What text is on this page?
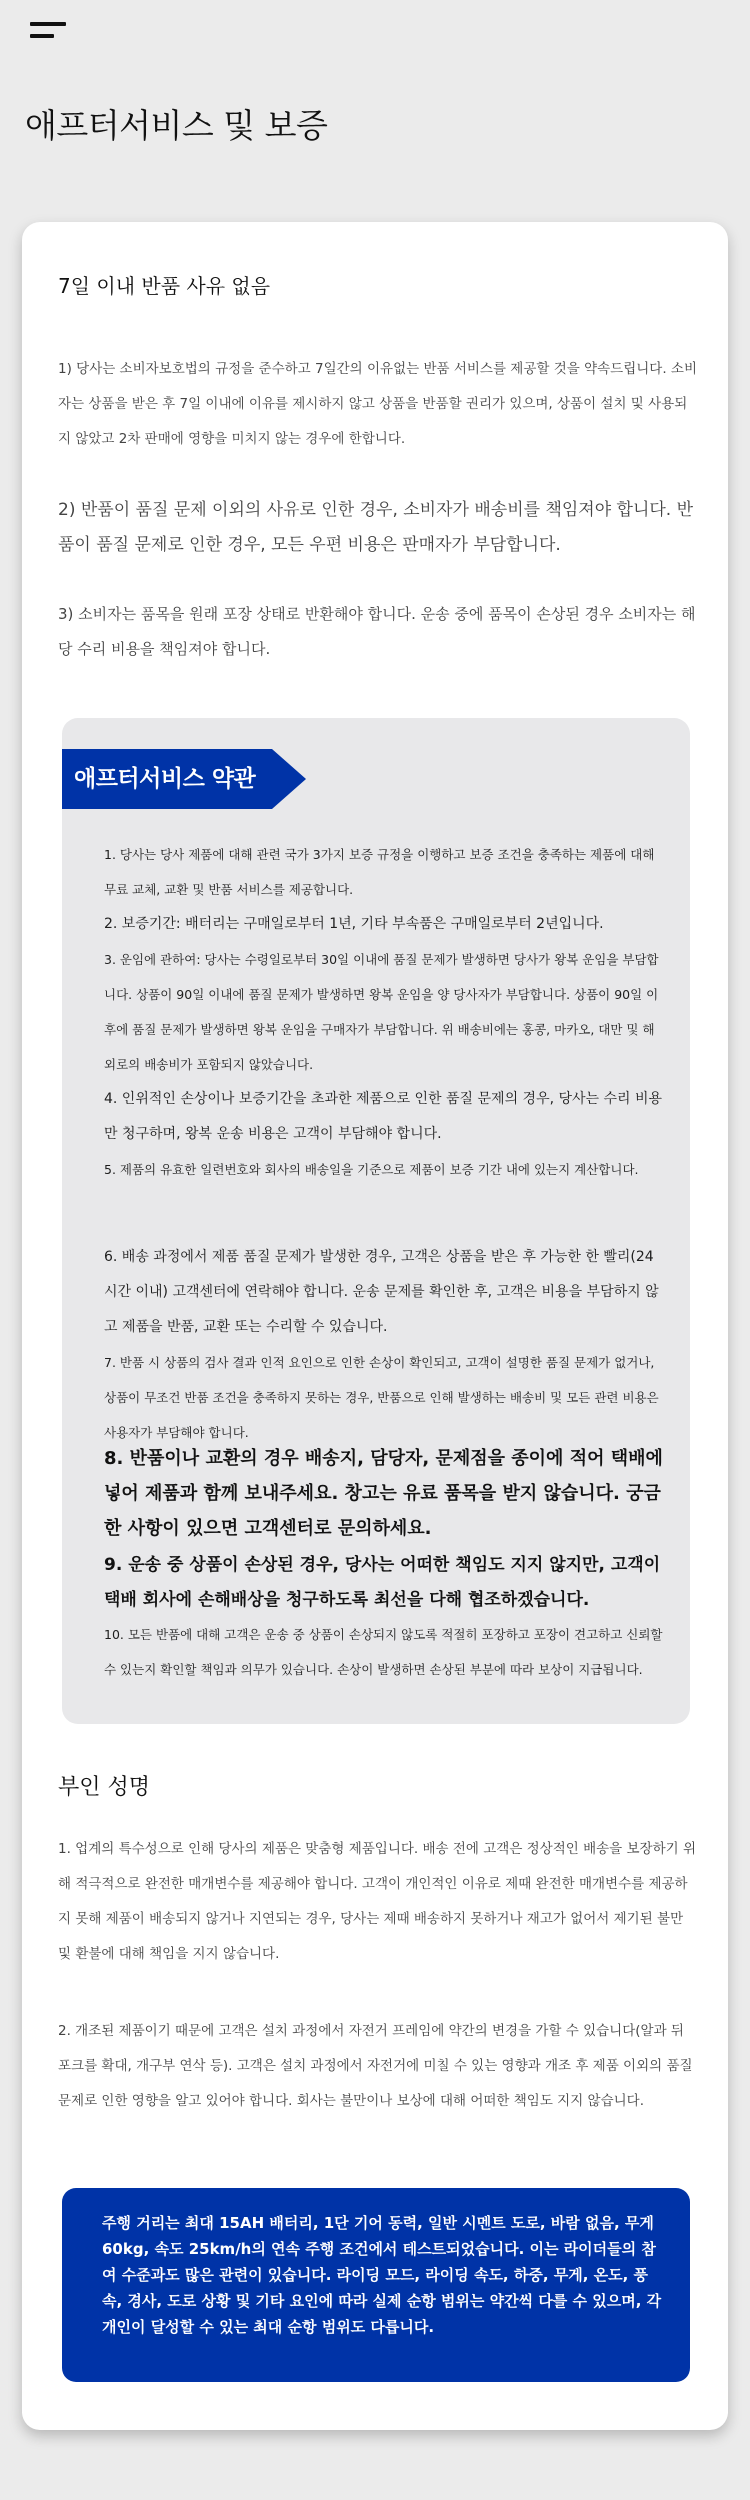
애프터서비스 및 보증
7일 이내 반품 사유 없음

1) 당사는 소비자보호법의 규정을 준수하고 7일간의 이유없는 반품 서비스를 제공할 것을 약속드립니다. 소비자는 상품을 받은 후 7일 이내에 이유를 제시하지 않고 상품을 반품할 권리가 있으며, 상품이 설치 및 사용되지 않았고 2차 판매에 영향을 미치지 않는 경우에 한합니다.

2) 반품이 품질 문제 이외의 사유로 인한 경우, 소비자가 배송비를 책임져야 합니다. 반품이 품질 문제로 인한 경우, 모든 우편 비용은 판매자가 부담합니다.

3) 소비자는 품목을 원래 포장 상태로 반환해야 합니다. 운송 중에 품목이 손상된 경우 소비자는 해당 수리 비용을 책임져야 합니다.

애프터서비스 약관

1. 당사는 당사 제품에 대해 관련 국가 3가지 보증 규정을 이행하고 보증 조건을 충족하는 제품에 대해 무료 교체, 교환 및 반품 서비스를 제공합니다.

2. 보증기간: 배터리는 구매일로부터 1년, 기타 부속품은 구매일로부터 2년입니다.

3. 운임에 관하여: 당사는 수령일로부터 30일 이내에 품질 문제가 발생하면 당사가 왕복 운임을 부담합니다. 상품이 90일 이내에 품질 문제가 발생하면 왕복 운임을 양 당사자가 부담합니다. 상품이 90일 이후에 품질 문제가 발생하면 왕복 운임을 구매자가 부담합니다. 위 배송비에는 홍콩, 마카오, 대만 및 해외로의 배송비가 포함되지 않았습니다.

4. 인위적인 손상이나 보증기간을 초과한 제품으로 인한 품질 문제의 경우, 당사는 수리 비용만 청구하며, 왕복 운송 비용은 고객이 부담해야 합니다.

5. 제품의 유효한 일련번호와 회사의 배송일을 기준으로 제품이 보증 기간 내에 있는지 계산합니다.

6. 배송 과정에서 제품 품질 문제가 발생한 경우, 고객은 상품을 받은 후 가능한 한 빨리(24시간 이내) 고객센터에 연락해야 합니다. 운송 문제를 확인한 후, 고객은 비용을 부담하지 않고 제품을 반품, 교환 또는 수리할 수 있습니다.

7. 반품 시 상품의 검사 결과 인적 요인으로 인한 손상이 확인되고, 고객이 설명한 품질 문제가 없거나, 상품이 무조건 반품 조건을 충족하지 못하는 경우, 반품으로 인해 발생하는 배송비 및 모든 관련 비용은 사용자가 부담해야 합니다.

8. 반품이나 교환의 경우 배송지, 담당자, 문제점을 종이에 적어 택배에 넣어 제품과 함께 보내주세요. 창고는 유료 품목을 받지 않습니다. 궁금한 사항이 있으면 고객센터로 문의하세요.

9. 운송 중 상품이 손상된 경우, 당사는 어떠한 책임도 지지 않지만, 고객이 택배 회사에 손해배상을 청구하도록 최선을 다해 협조하겠습니다.

10. 모든 반품에 대해 고객은 운송 중 상품이 손상되지 않도록 적절히 포장하고 포장이 견고하고 신뢰할 수 있는지 확인할 책임과 의무가 있습니다. 손상이 발생하면 손상된 부분에 따라 보상이 지급됩니다.

부인 성명

1. 업계의 특수성으로 인해 당사의 제품은 맞춤형 제품입니다. 배송 전에 고객은 정상적인 배송을 보장하기 위해 적극적으로 완전한 매개변수를 제공해야 합니다. 고객이 개인적인 이유로 제때 완전한 매개변수를 제공하지 못해 제품이 배송되지 않거나 지연되는 경우, 당사는 제때 배송하지 못하거나 재고가 없어서 제기된 불만 및 환불에 대해 책임을 지지 않습니다.

2. 개조된 제품이기 때문에 고객은 설치 과정에서 자전거 프레임에 약간의 변경을 가할 수 있습니다(알과 뒤 포크를 확대, 개구부 연삭 등). 고객은 설치 과정에서 자전거에 미칠 수 있는 영향과 개조 후 제품 이외의 품질 문제로 인한 영향을 알고 있어야 합니다. 회사는 불만이나 보상에 대해 어떠한 책임도 지지 않습니다.

주행 거리는 최대 15AH 배터리, 1단 기어 동력, 일반 시멘트 도로, 바람 없음, 무게 60kg, 속도 25km/h의 연속 주행 조건에서 테스트되었습니다. 이는 라이더들의 참여 수준과도 많은 관련이 있습니다. 라이딩 모드, 라이딩 속도, 하중, 무게, 온도, 풍속, 경사, 도로 상황 및 기타 요인에 따라 실제 순항 범위는 약간씩 다를 수 있으며, 각 개인이 달성할 수 있는 최대 순항 범위도 다릅니다.
